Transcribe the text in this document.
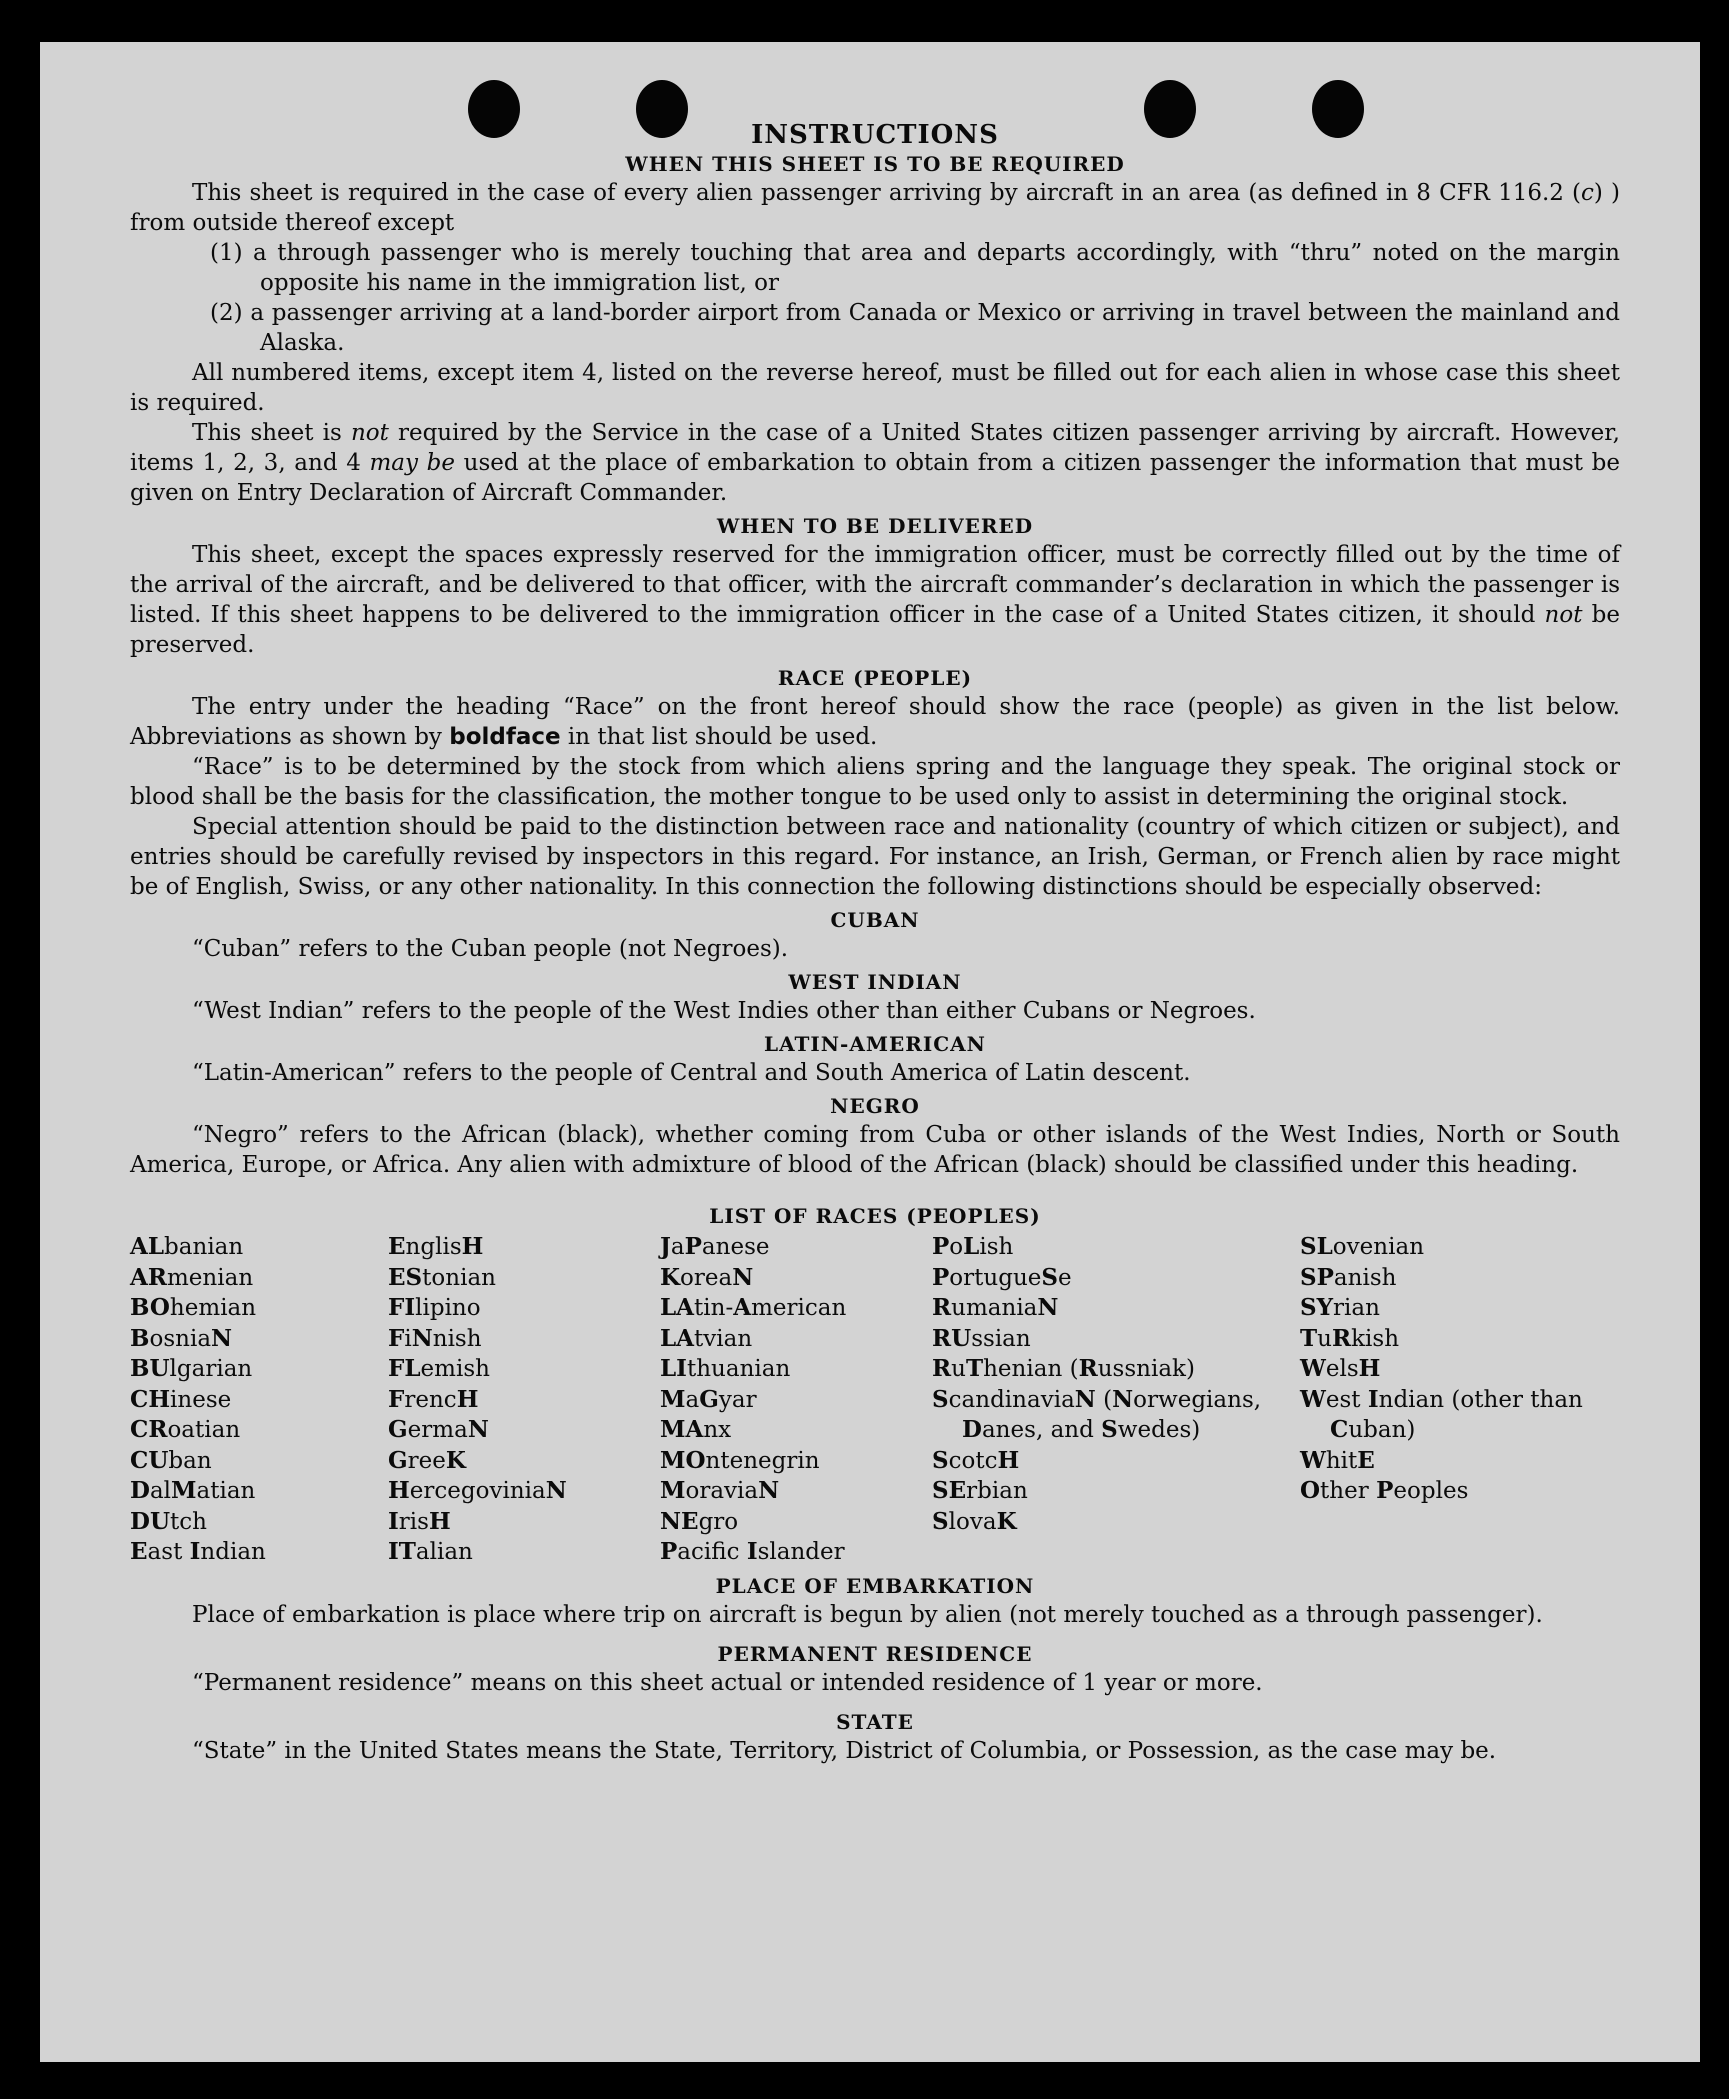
INSTRUCTIONS
WHEN THIS SHEET IS TO BE REQUIRED

This sheet is required in the case of every alien passenger arriving by aircraft in an area (as defined in 8 CFR 116.2 (c) ) from outside thereof except

(1) a through passenger who is merely touching that area and departs accordingly, with “thru” noted on the margin opposite his name in the immigration list, or

(2) a passenger arriving at a land-border airport from Canada or Mexico or arriving in travel between the mainland and Alaska.

All numbered items, except item 4, listed on the reverse hereof, must be filled out for each alien in whose case this sheet is required.

This sheet is not required by the Service in the case of a United States citizen passenger arriving by aircraft. However, items 1, 2, 3, and 4 may be used at the place of embarkation to obtain from a citizen passenger the information that must be given on Entry Declaration of Aircraft Commander.

WHEN TO BE DELIVERED

This sheet, except the spaces expressly reserved for the immigration officer, must be correctly filled out by the time of the arrival of the aircraft, and be delivered to that officer, with the aircraft commander’s declaration in which the passenger is listed. If this sheet happens to be delivered to the immigration officer in the case of a United States citizen, it should not be preserved.

RACE (PEOPLE)

The entry under the heading “Race” on the front hereof should show the race (people) as given in the list below. Abbreviations as shown by boldface in that list should be used.

“Race” is to be determined by the stock from which aliens spring and the language they speak. The original stock or blood shall be the basis for the classification, the mother tongue to be used only to assist in determining the original stock.

Special attention should be paid to the distinction between race and nationality (country of which citizen or subject), and entries should be carefully revised by inspectors in this regard. For instance, an Irish, German, or French alien by race might be of English, Swiss, or any other nationality. In this connection the following distinctions should be especially observed:

CUBAN

“Cuban” refers to the Cuban people (not Negroes).

WEST INDIAN

“West Indian” refers to the people of the West Indies other than either Cubans or Negroes.

LATIN-AMERICAN

“Latin-American” refers to the people of Central and South America of Latin descent.

NEGRO

“Negro” refers to the African (black), whether coming from Cuba or other islands of the West Indies, North or South America, Europe, or Africa. Any alien with admixture of blood of the African (black) should be classified under this heading.

LIST OF RACES (PEOPLES)
ALbanian
ARmenian
BOhemian
BosniaN
BUlgarian
CHinese
CRoatian
CUban
DalMatian
DUtch
East Indian
EnglisH
EStonian
FIlipino
FiNnish
FLemish
FrencH
GermaN
GreeK
HercegoviniaN
IrisH
ITalian
JaPanese
KoreaN
LAtin-American
LAtvian
LIthuanian
MaGyar
MAnx
MOntenegrin
MoraviaN
NEgro
Pacifc Islander
PoLish
PortugueSe
RumaniaN
RUssian
RuThenian (Russniak)
ScandinaviaN (Norwegians, Danes, and Swedes)
ScotcH
SErbian
SlovaK
SLovenian
SPanish
SYrian
TuRkish
WelsH
West Indian (other than Cuban)
WhitE
Other Peoples
PLACE OF EMBARKATION

Place of embarkation is place where trip on aircraft is begun by alien (not merely touched as a through passenger).

PERMANENT RESIDENCE

“Permanent residence” means on this sheet actual or intended residence of 1 year or more.

STATE

“State” in the United States means the State, Territory, District of Columbia, or Possession, as the case may be.
